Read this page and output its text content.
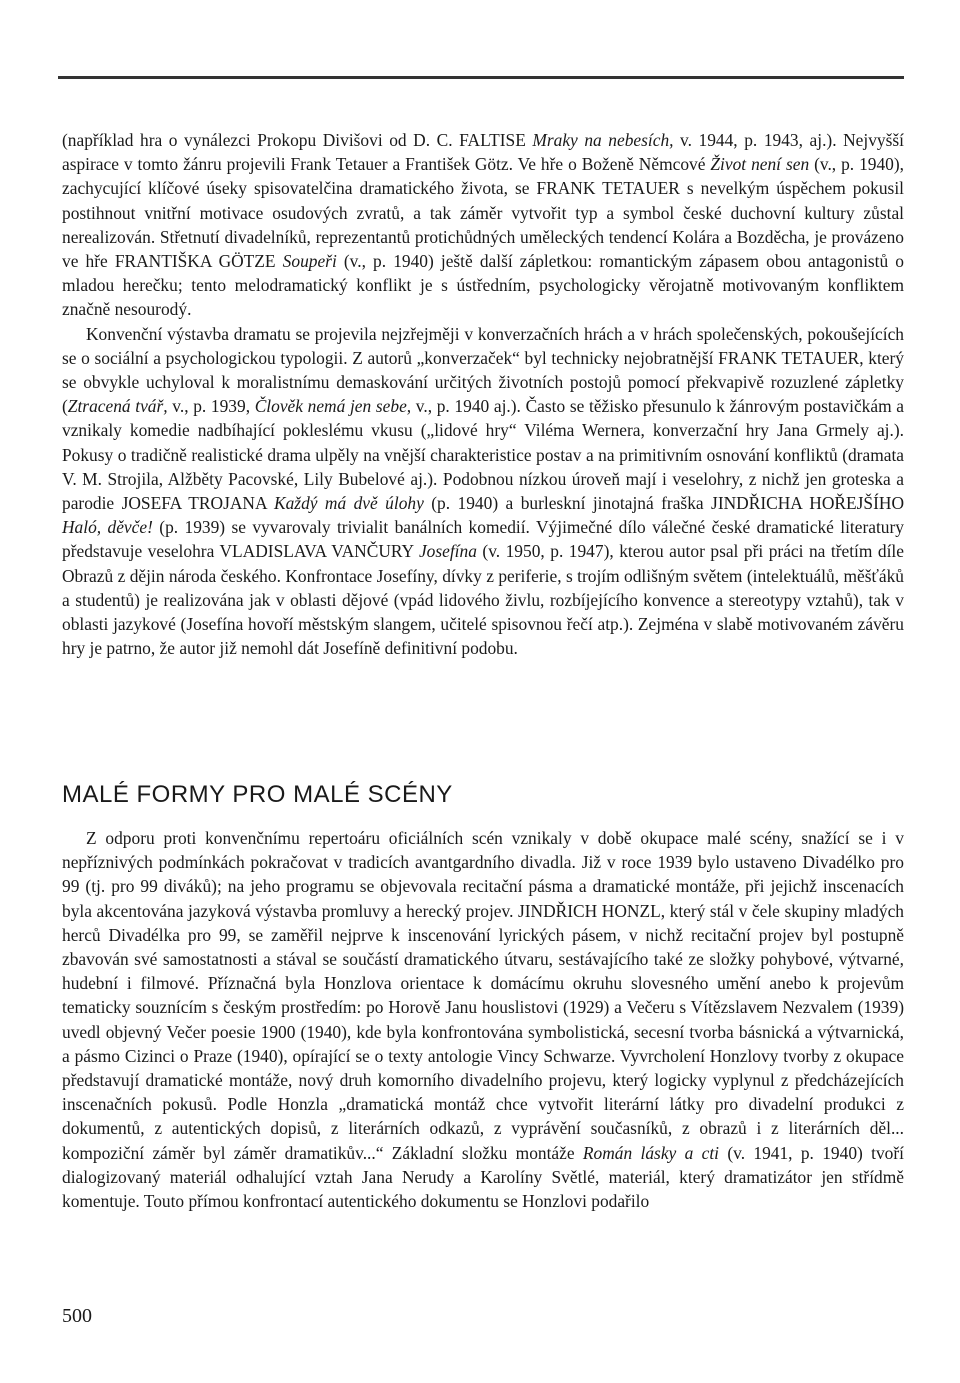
(například hra o vynálezci Prokopu Divišovi od D. C. FALTISE Mraky na nebesích, v. 1944, p. 1943, aj.). Nejvyšší aspirace v tomto žánru projevili Frank Tetauer a František Götz. Ve hře o Boženě Němcové Život není sen (v., p. 1940), zachycující klíčové úseky spisovatelčina dramatického života, se FRANK TETAUER s nevelkým úspěchem pokusil postihnout vnitřní motivace osudových zvratů, a tak záměr vytvořit typ a symbol české duchovní kultury zůstal nerealizován. Střetnutí divadelníků, reprezentantů protichůdných uměleckých tendencí Kolára a Bozděcha, je provázeno ve hře FRANTIŠKA GÖTZE Soupeři (v., p. 1940) ještě další zápletkou: romantickým zápasem obou antagonistů o mladou herečku; tento melodramatický konflikt je s ústředním, psychologicky věrojatně motivovaným konfliktem značně nesourodý.

Konvenční výstavba dramatu se projevila nejzřejměji v konverzačních hrách a v hrách společenských, pokoušejících se o sociální a psychologickou typologii. Z autorů „konverzaček“ byl technicky nejobratnější FRANK TETAUER, který se obvykle uchyloval k moralistnímu demaskování určitých životních postojů pomocí překvapivě rozuzlené zápletky (Ztracená tvář, v., p. 1939, Člověk nemá jen sebe, v., p. 1940 aj.). Často se těžisko přesunulo k žánrovým postavičkám a vznikaly komedie nadbíhající pokleslému vkusu („lidové hry“ Viléma Wernera, konverzační hry Jana Grmely aj.). Pokusy o tradičně realistické drama ulpěly na vnější charakteristice postav a na primitivním osnování konfliktů (dramata V. M. Strojila, Alžběty Pacovské, Lily Bubelové aj.). Podobnou nízkou úroveň mají i veselohry, z nichž jen groteska a parodie JOSEFA TROJANA Každý má dvě úlohy (p. 1940) a burleskní jinotajná fraška JINDŘICHA HOŘEJŠÍHO Haló, děvče! (p. 1939) se vyvarovaly trivialit banálních komedií. Výjimečné dílo válečné české dramatické literatury představuje veselohra VLADISLAVA VANČURY Josefína (v. 1950, p. 1947), kterou autor psal při práci na třetím díle Obrazů z dějin národa českého. Konfrontace Josefíny, dívky z periferie, s trojím odlišným světem (intelektuálů, měšťáků a studentů) je realizována jak v oblasti dějové (vpád lidového živlu, rozbíjejícího konvence a stereotypy vztahů), tak v oblasti jazykové (Josefína hovoří městským slangem, učitelé spisovnou řečí atp.). Zejména v slabě motivovaném závěru hry je patrno, že autor již nemohl dát Josefíně definitivní podobu.

MALÉ FORMY PRO MALÉ SCÉNY

Z odporu proti konvenčnímu repertoáru oficiálních scén vznikaly v době okupace malé scény, snažící se i v nepříznivých podmínkách pokračovat v tradicích avantgardního divadla. Již v roce 1939 bylo ustaveno Divadélko pro 99 (tj. pro 99 diváků); na jeho programu se objevovala recitační pásma a dramatické montáže, při jejichž inscenacích byla akcentována jazyková výstavba promluvy a herecký projev. JINDŘICH HONZL, který stál v čele skupiny mladých herců Divadélka pro 99, se zaměřil nejprve k inscenování lyrických pásem, v nichž recitační projev byl postupně zbavován své samostatnosti a stával se součástí dramatického útvaru, sestávajícího také ze složky pohybové, výtvarné, hudební i filmové. Příznačná byla Honzlova orientace k domácímu okruhu slovesného umění anebo k projevům tematicky souznícím s českým prostředím: po Horově Janu houslistovi (1929) a Večeru s Vítězslavem Nezvalem (1939) uvedl objevný Večer poesie 1900 (1940), kde byla konfrontována symbolistická, secesní tvorba básnická a výtvarnická, a pásmo Cizinci o Praze (1940), opírající se o texty antologie Vincy Schwarze. Vyvrcholení Honzlovy tvorby z okupace představují dramatické montáže, nový druh komorního divadelního projevu, který logicky vyplynul z předcházejících inscenačních pokusů. Podle Honzla „dramatická montáž chce vytvořit literární látky pro divadelní produkci z dokumentů, z autentických dopisů, z literárních odkazů, z vyprávění současníků, z obrazů i z literárních děl... kompoziční záměr byl záměr dramatikův...“ Základní složku montáže Román lásky a cti (v. 1941, p. 1940) tvoří dialogizovaný materiál odhalující vztah Jana Nerudy a Karolíny Světlé, materiál, který dramatizátor jen střídmě komentuje. Touto přímou konfrontací autentického dokumentu se Honzlovi podařilo

500
